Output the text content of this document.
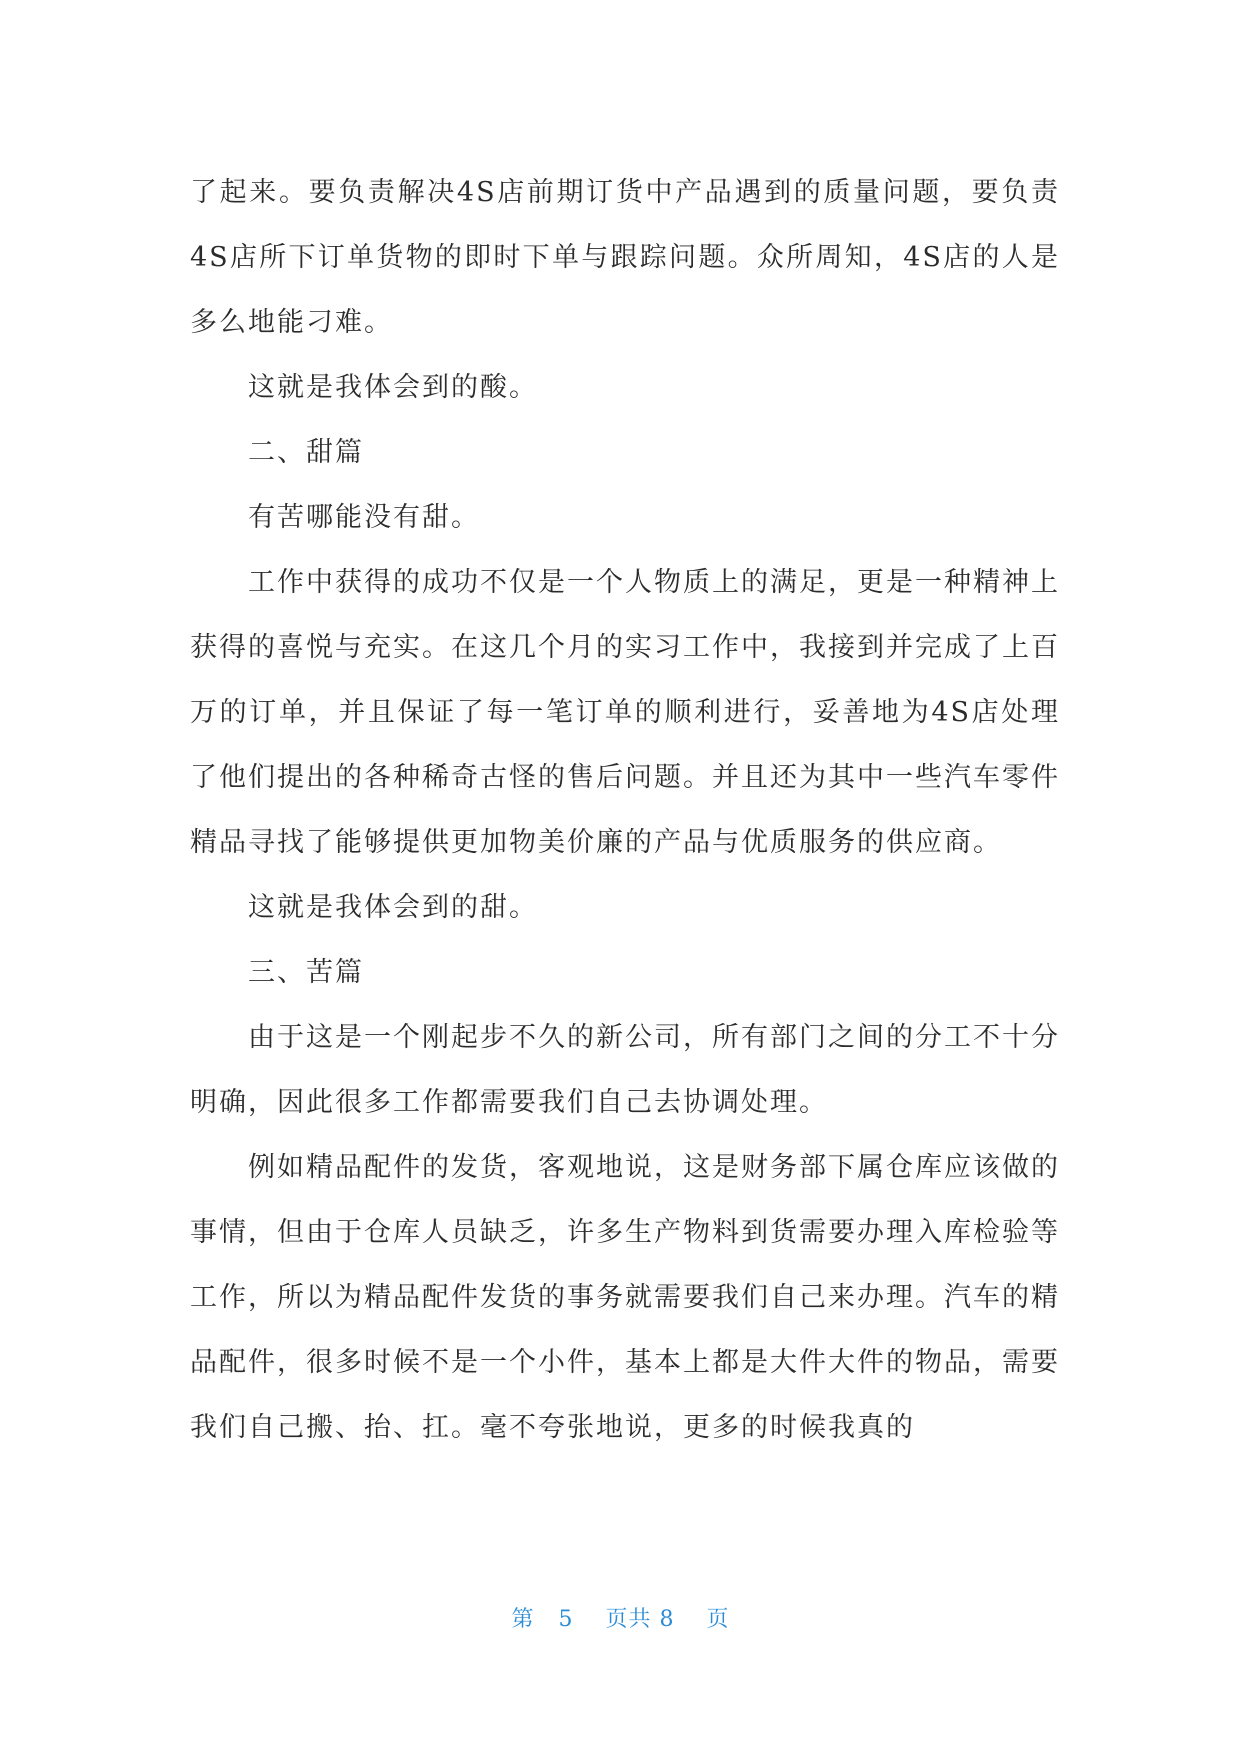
了起来。要负责解决4S店前期订货中产品遇到的质量问题，要负责4S店所下订单货物的即时下单与跟踪问题。众所周知，4S店的人是多么地能刁难。

这就是我体会到的酸。

二、甜篇

有苦哪能没有甜。

工作中获得的成功不仅是一个人物质上的满足，更是一种精神上获得的喜悦与充实。在这几个月的实习工作中，我接到并完成了上百万的订单，并且保证了每一笔订单的顺利进行，妥善地为4S店处理了他们提出的各种稀奇古怪的售后问题。并且还为其中一些汽车零件精品寻找了能够提供更加物美价廉的产品与优质服务的供应商。

这就是我体会到的甜。

三、苦篇

由于这是一个刚起步不久的新公司，所有部门之间的分工不十分明确，因此很多工作都需要我们自己去协调处理。

例如精品配件的发货，客观地说，这是财务部下属仓库应该做的事情，但由于仓库人员缺乏，许多生产物料到货需要办理入库检验等工作，所以为精品配件发货的事务就需要我们自己来办理。汽车的精品配件，很多时候不是一个小件，基本上都是大件大件的物品，需要我们自己搬、抬、扛。毫不夸张地说，更多的时候我真的

第 5 页共 8 页
